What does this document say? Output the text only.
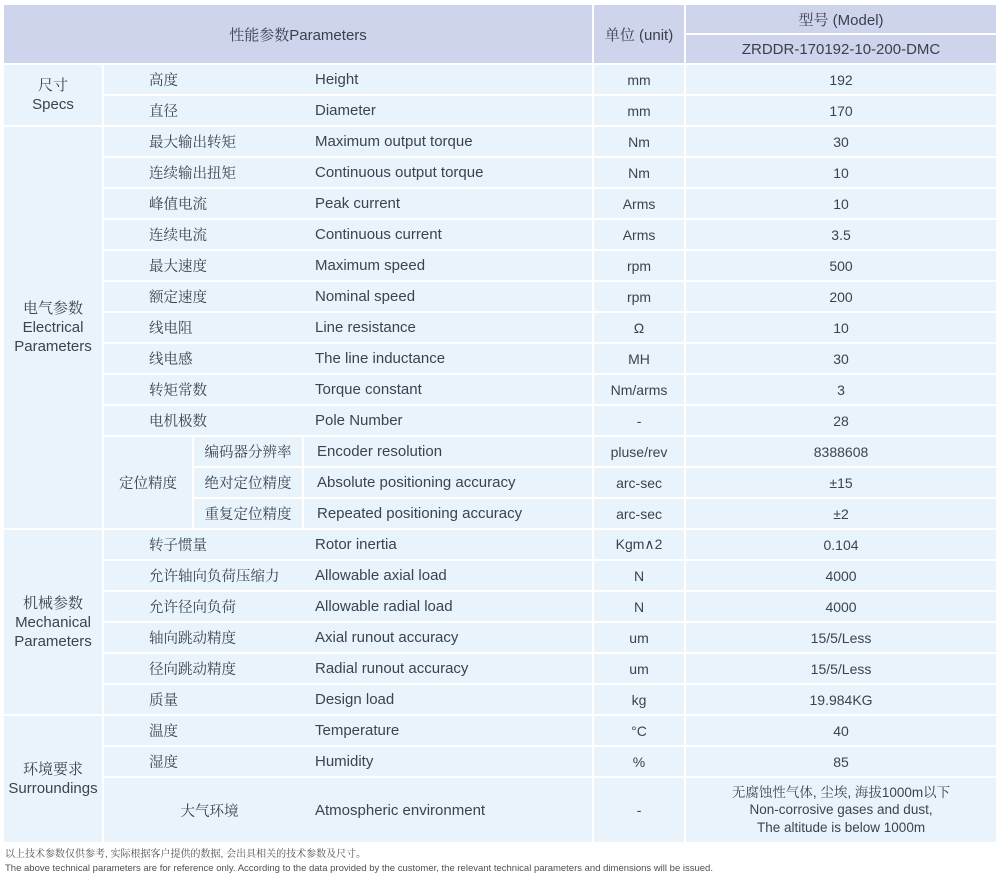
性能参数Parameters				单位 (unit)	型号 (Model)
					ZRDDR-170192-10-200-DMC
尺寸
Specs	高度 Height			mm	192
	直径 Diameter			mm	170
电气参数
Electrical Parameters	最大输出转矩 Maximum output torque			Nm	30
	连续输出扭矩 Continuous output torque			Nm	10
	峰值电流 Peak current			Arms	10
	连续电流 Continuous current			Arms	3.5
	最大速度 Maximum speed			rpm	500
	额定速度 Nominal speed			rpm	200
	线电阻 Line resistance			Ω	10
	线电感 The line inductance			MH	30
	转矩常数 Torque constant			Nm/arms	3
	电机极数 Pole Number			-	28
	定位精度	编码器分辨率	Encoder resolution	pluse/rev	8388608
		绝对定位精度	Absolute positioning accuracy	arc-sec	±15
		重复定位精度	Repeated positioning accuracy	arc-sec	±2
机械参数
Mechanical Parameters	转子惯量 Rotor inertia			Kgm∧2	0.104
	允许轴向负荷压缩力 Allowable axial load			N	4000
	允许径向负荷 Allowable radial load			N	4000
	轴向跳动精度 Axial runout accuracy			um	15/5/Less
	径向跳动精度 Radial runout accuracy			um	15/5/Less
	质量 Design load			kg	19.984KG
环境要求
Surroundings	温度 Temperature			°C	40
	湿度 Humidity			%	85
	大气环境 Atmospheric environment			-	无腐蚀性气体, 尘埃, 海拔1000m以下
Non-corrosive gases and dust,
The altitude is below 1000m
以上技术参数仅供参考, 实际根据客户提供的数据, 会出具相关的技术参数及尺寸。
The above technical parameters are for reference only. According to the data provided by the customer, the relevant technical parameters and dimensions will be issued.
